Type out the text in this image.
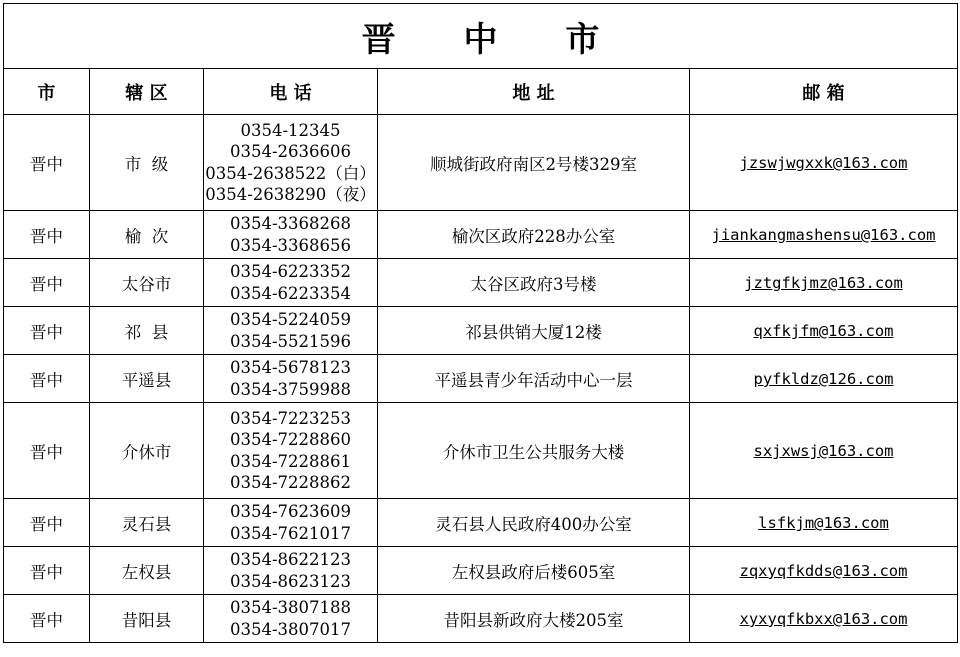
晋 中 市				
市	辖 区	电 话	地 址	邮 箱
晋中	市  级	0354-12345
0354-2636606
0354-2638522（白）
0354-2638290（夜）	顺城街政府南区2号楼329室	jzswjwgxxk@163.com
晋中	榆  次	0354-3368268
0354-3368656	榆次区政府228办公室	jiankangmashensu@163.com
晋中	太谷市	0354-6223352
0354-6223354	太谷区政府3号楼	jztgfkjmz@163.com
晋中	祁  县	0354-5224059
0354-5521596	祁县供销大厦12楼	qxfkjfm@163.com
晋中	平遥县	0354-5678123
0354-3759988	平遥县青少年活动中心一层	pyfkldz@126.com
晋中	介休市	0354-7223253
0354-7228860
0354-7228861
0354-7228862	介休市卫生公共服务大楼	sxjxwsj@163.com
晋中	灵石县	0354-7623609
0354-7621017	灵石县人民政府400办公室	lsfkjm@163.com
晋中	左权县	0354-8622123
0354-8623123	左权县政府后楼605室	zqxyqfkdds@163.com
晋中	昔阳县	0354-3807188
0354-3807017	昔阳县新政府大楼205室	xyxyqfkbxx@163.com
